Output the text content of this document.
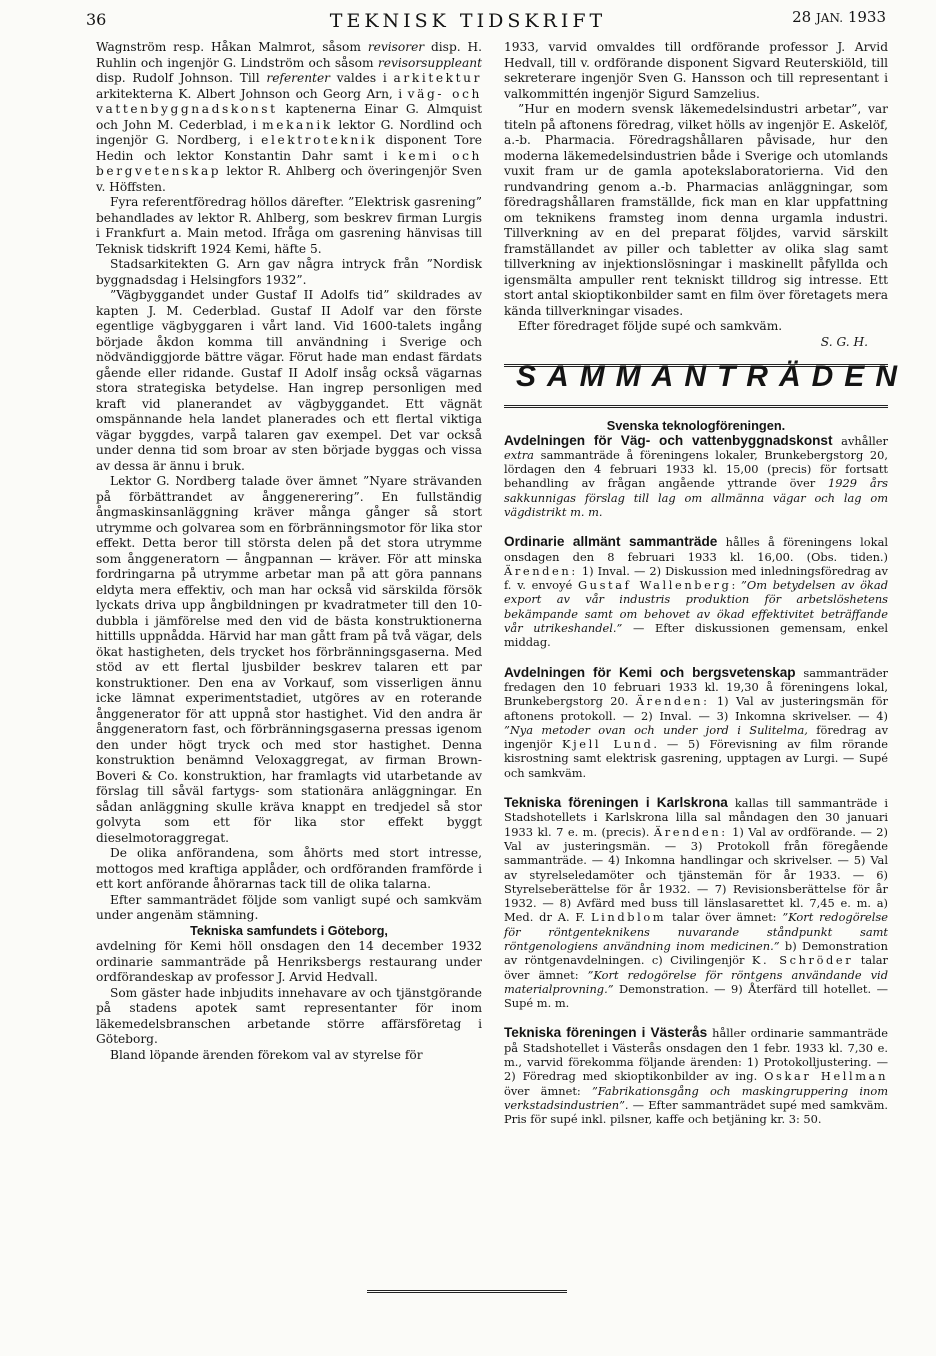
36	TEKNISK TIDSKRIFT	28 JAN. 1933

Wagnström resp. Håkan Malmrot, såsom revisorer disp. H. Ruhlin och ingenjör G. Lindström och såsom revisorsuppleant disp. Rudolf Johnson. Till referenter valdes i arkitektur arkitekterna K. Albert Johnson och Georg Arn, i väg- och vattenbyggnadskonst kaptenerna Einar G. Almquist och John M. Cederblad, i mekanik lektor G. Nordlind och ingenjör G. Nordberg, i elektroteknik disponent Tore Hedin och lektor Konstantin Dahr samt i kemi och bergvetenskap lektor R. Ahlberg och överingenjör Sven v. Höffsten.

Fyra referentföredrag höllos därefter. ”Elektrisk gasrening” behandlades av lektor R. Ahlberg, som beskrev firman Lurgis i Frankfurt a. Main metod. Ifråga om gasrening hänvisas till Teknisk tidskrift 1924 Kemi, häfte 5.

Stadsarkitekten G. Arn gav några intryck från ”Nordisk byggnadsdag i Helsingfors 1932”.

”Vägbyggandet under Gustaf II Adolfs tid” skildrades av kapten J. M. Cederblad. Gustaf II Adolf var den förste egentlige vägbyggaren i vårt land. Vid 1600-talets ingång började åkdon komma till användning i Sverige och nödvändiggjorde bättre vägar. Förut hade man endast färdats gående eller ridande. Gustaf II Adolf insåg också vägarnas stora strategiska betydelse. Han ingrep personligen med kraft vid planerandet av vägbyggandet. Ett vägnät omspännande hela landet planerades och ett flertal viktiga vägar byggdes, varpå talaren gav exempel. Det var också under denna tid som broar av sten började byggas och vissa av dessa är ännu i bruk.

Lektor G. Nordberg talade över ämnet ”Nyare strävanden på förbättrandet av ånggenerering”. En fullständig ångmaskinsanläggning kräver många gånger så stort utrymme och golvarea som en förbränningsmotor för lika stor effekt. Detta beror till största delen på det stora utrymme som ånggeneratorn — ångpannan — kräver. För att minska fordringarna på utrymme arbetar man på att göra pannans eldyta mera effektiv, och man har också vid särskilda försök lyckats driva upp ångbildningen pr kvadratmeter till den 10-dubbla i jämförelse med den vid de bästa konstruktionerna hittills uppnådda. Härvid har man gått fram på två vägar, dels ökat hastigheten, dels trycket hos förbränningsgaserna. Med stöd av ett flertal ljusbilder beskrev talaren ett par konstruktioner. Den ena av Vorkauf, som visserligen ännu icke lämnat experimentstadiet, utgöres av en roterande ånggenerator för att uppnå stor hastighet. Vid den andra är ånggeneratorn fast, och förbränningsgaserna pressas igenom den under högt tryck och med stor hastighet. Denna konstruktion benämnd Veloxaggregat, av firman Brown-Boveri & Co. konstruktion, har framlagts vid utarbetande av förslag till såväl fartygs- som stationära anläggningar. En sådan anläggning skulle kräva knappt en tredjedel så stor golvyta som ett för lika stor effekt byggt dieselmotoraggregat.

De olika anförandena, som åhörts med stort intresse, mottogos med kraftiga applåder, och ordföranden framförde i ett kort anförande åhörarnas tack till de olika talarna.

Efter sammanträdet följde som vanligt supé och samkväm under angenäm stämning.

Tekniska samfundets i Göteborg,

avdelning för Kemi höll onsdagen den 14 december 1932 ordinarie sammanträde på Henriksbergs restaurang under ordförandeskap av professor J. Arvid Hedvall.

Som gäster hade inbjudits innehavare av och tjänstgörande på stadens apotek samt representanter för inom läkemedelsbranschen arbetande större affärsföretag i Göteborg.

Bland löpande ärenden förekom val av styrelse för

1933, varvid omvaldes till ordförande professor J. Arvid Hedvall, till v. ordförande disponent Sigvard Reuterskiöld, till sekreterare ingenjör Sven G. Hansson och till representant i valkommittén ingenjör Sigurd Samzelius.

”Hur en modern svensk läkemedelsindustri arbetar”, var titeln på aftonens föredrag, vilket hölls av ingenjör E. Askelöf, a.-b. Pharmacia. Föredragshållaren påvisade, hur den moderna läkemedelsindustrien både i Sverige och utomlands vuxit fram ur de gamla apotekslaboratorierna. Vid den rundvandring genom a.-b. Pharmacias anläggningar, som föredragshållaren framställde, fick man en klar uppfattning om teknikens framsteg inom denna urgamla industri. Tillverkning av en del preparat följdes, varvid särskilt framställandet av piller och tabletter av olika slag samt tillverkning av injektionslösningar i maskinellt påfyllda och igensmälta ampuller rent tekniskt tilldrog sig intresse. Ett stort antal skioptikonbilder samt en film över företagets mera kända tillverkningar visades.

Efter föredraget följde supé och samkväm.

S. G. H.

SAMMANTRÄDEN

Svenska teknologföreningen.

Avdelningen för Väg- och vattenbyggnadskonst avhåller extra sammanträde å föreningens lokaler, Brunkebergstorg 20, lördagen den 4 februari 1933 kl. 15,00 (precis) för fortsatt behandling av frågan angående yttrande över 1929 års sakkunnigas förslag till lag om allmänna vägar och lag om vägdistrikt m. m.

Ordinarie allmänt sammanträde hålles å föreningens lokal onsdagen den 8 februari 1933 kl. 16,00. (Obs. tiden.) Ärenden: 1) Inval. — 2) Diskussion med inledningsföredrag av f. v. envoyé Gustaf Wallenberg: ”Om betydelsen av ökad export av vår industris produktion för arbetslöshetens bekämpande samt om behovet av ökad effektivitet beträffande vår utrikeshandel.” — Efter diskussionen gemensam, enkel middag.

Avdelningen för Kemi och bergsvetenskap sammanträder fredagen den 10 februari 1933 kl. 19,30 å föreningens lokal, Brunkebergstorg 20. Ärenden: 1) Val av justeringsmän för aftonens protokoll. — 2) Inval. — 3) Inkomna skrivelser. — 4) ”Nya metoder ovan och under jord i Sulitelma, föredrag av ingenjör Kjell Lund. — 5) Förevisning av film rörande kisrostning samt elektrisk gasrening, upptagen av Lurgi. — Supé och samkväm.

Tekniska föreningen i Karlskrona kallas till sammanträde i Stadshotellets i Karlskrona lilla sal måndagen den 30 januari 1933 kl. 7 e. m. (precis). Ärenden: 1) Val av ordförande. — 2) Val av justeringsmän. — 3) Protokoll från föregående sammanträde. — 4) Inkomna handlingar och skrivelser. — 5) Val av styrelseledamöter och tjänstemän för år 1933. — 6) Styrelseberättelse för år 1932. — 7) Revisionsberättelse för år 1932. — 8) Avfärd med buss till länslasarettet kl. 7,45 e. m. a) Med. dr A. F. Lindblom talar över ämnet: ”Kort redogörelse för röntgenteknikens nuvarande ståndpunkt samt röntgenologiens användning inom medicinen.” b) Demonstration av röntgenavdelningen. c) Civilingenjör K. Schröder talar över ämnet: ”Kort redogörelse för röntgens användande vid materialprovning.” Demonstration. — 9) Återfärd till hotellet. — Supé m. m.

Tekniska föreningen i Västerås håller ordinarie sammanträde på Stadshotellet i Västerås onsdagen den 1 febr. 1933 kl. 7,30 e. m., varvid förekomma följande ärenden: 1) Protokolljustering. — 2) Föredrag med skioptikonbilder av ing. Oskar Hellman över ämnet: ”Fabrikationsgång och maskingruppering inom verkstadsindustrien”. — Efter sammanträdet supé med samkväm. Pris för supé inkl. pilsner, kaffe och betjäning kr. 3: 50.
